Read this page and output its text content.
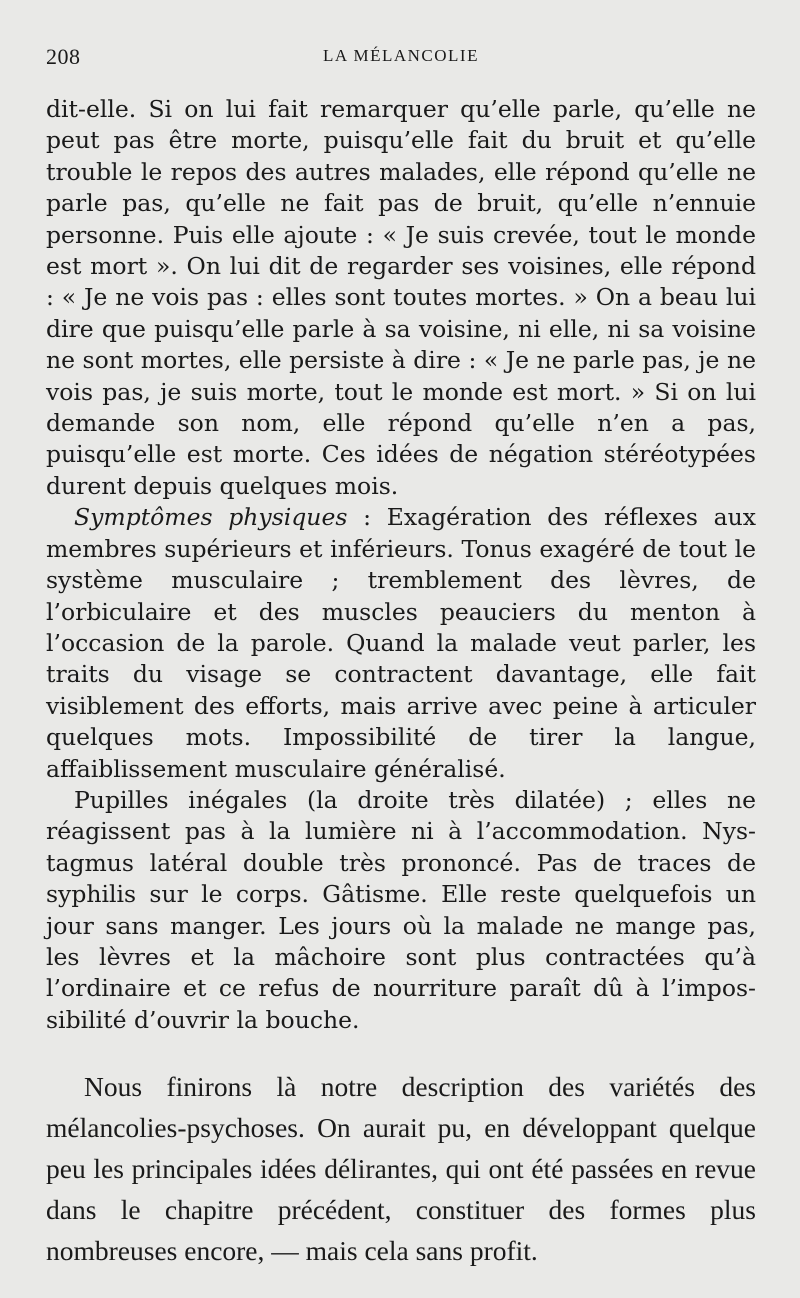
208	LA MÉLANCOLIE

dit-elle. Si on lui fait remarquer qu’elle parle, qu’elle ne peut pas être morte, puisqu’elle fait du bruit et qu’elle trouble le repos des autres malades, elle répond qu’elle ne parle pas, qu’elle ne fait pas de bruit, qu’elle n’ennuie personne. Puis elle ajoute : « Je suis crevée, tout le monde est mort ». On lui dit de regarder ses voisines, elle répond : « Je ne vois pas : elles sont toutes mortes. » On a beau lui dire que puisqu’elle parle à sa voisine, ni elle, ni sa voisine ne sont mortes, elle persiste à dire : « Je ne parle pas, je ne vois pas, je suis morte, tout le monde est mort. » Si on lui demande son nom, elle répond qu’elle n’en a pas, puisqu’elle est morte. Ces idées de négation stéréotypées durent depuis quelques mois.

Symptômes physiques : Exagération des réflexes aux membres supérieurs et inférieurs. Tonus exagéré de tout le système musculaire ; tremblement des lèvres, de l’orbiculaire et des muscles peauciers du menton à l’occasion de la parole. Quand la malade veut parler, les traits du visage se contractent davantage, elle fait visiblement des efforts, mais arrive avec peine à articuler quelques mots. Impossibilité de tirer la langue, affaiblissement musculaire généralisé.

Pupilles inégales (la droite très dilatée) ; elles ne réagissent pas à la lumière ni à l’accommodation. Nystagmus latéral double très prononcé. Pas de traces de syphilis sur le corps. Gâtisme. Elle reste quelquefois un jour sans manger. Les jours où la malade ne mange pas, les lèvres et la mâchoire sont plus contractées qu’à l’ordinaire et ce refus de nourriture paraît dû à l’impossibilité d’ouvrir la bouche.

Nous finirons là notre description des variétés des mélancolies-psychoses. On aurait pu, en développant quelque peu les principales idées délirantes, qui ont été passées en revue dans le chapitre précédent, constituer des formes plus nombreuses encore, — mais cela sans profit.
